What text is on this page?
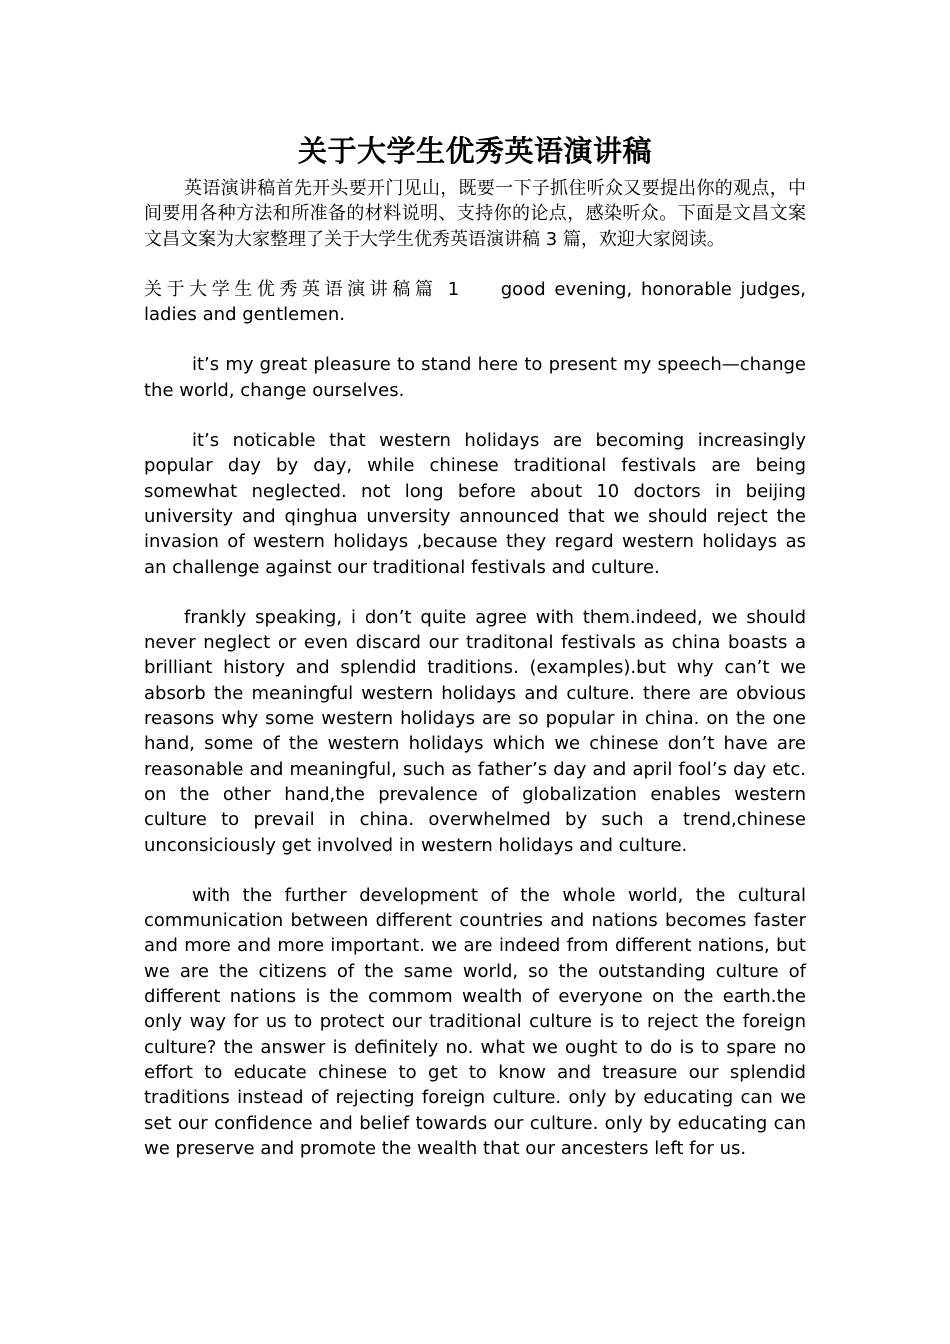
关于大学生优秀英语演讲稿

英语演讲稿首先开头要开门见山，既要一下子抓住听众又要提出你的观点，中间要用各种方法和所准备的材料说明、支持你的论点，感染听众。下面是文昌文案文昌文案为大家整理了关于大学生优秀英语演讲稿 3 篇，欢迎大家阅读。

关于大学生优秀英语演讲稿篇 1 good evening, honorable judges, ladies and gentlemen.

it’s my great pleasure to stand here to present my speech—change the world, change ourselves.

it’s noticable that western holidays are becoming increasingly popular day by day, while chinese traditional festivals are being somewhat neglected. not long before about 10 doctors in beijing university and qinghua unversity announced that we should reject the invasion of western holidays ,because they regard western holidays as an challenge against our traditional festivals and culture.

frankly speaking, i don’t quite agree with them.indeed, we should never neglect or even discard our traditonal festivals as china boasts a brilliant history and splendid traditions. (examples).but why can’t we absorb the meaningful western holidays and culture. there are obvious reasons why some western holidays are so popular in china. on the one hand, some of the western holidays which we chinese don’t have are reasonable and meaningful, such as father’s day and april fool’s day etc. on the other hand,the prevalence of globalization enables western culture to prevail in china. overwhelmed by such a trend,chinese unconsiciously get involved in western holidays and culture.

with the further development of the whole world, the cultural communication between different countries and nations becomes faster and more and more important. we are indeed from different nations, but we are the citizens of the same world, so the outstanding culture of different nations is the commom wealth of everyone on the earth.the only way for us to protect our traditional culture is to reject the foreign culture? the answer is definitely no. what we ought to do is to spare no effort to educate chinese to get to know and treasure our splendid traditions instead of rejecting foreign culture. only by educating can we set our confidence and belief towards our culture. only by educating can we preserve and promote the wealth that our ancesters left for us.
